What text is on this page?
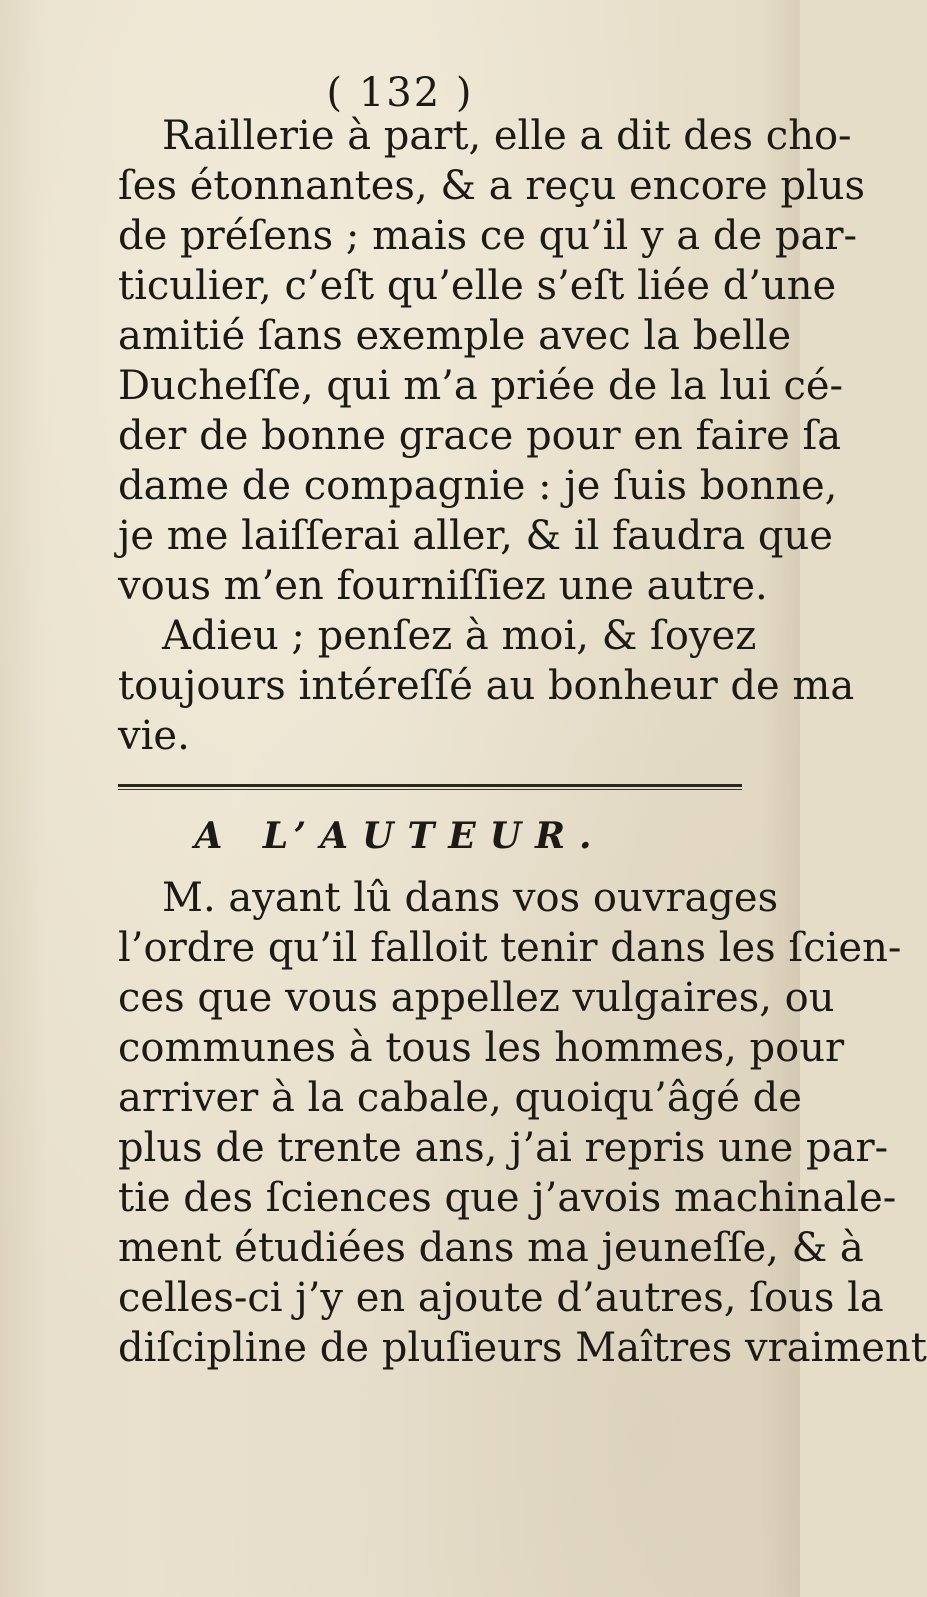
( 132 )
Raillerie à part, elle a dit des cho-
ſes étonnantes, & a reçu encore plus
de préſens ; mais ce qu’il y a de par-
ticulier, c’eſt qu’elle s’eſt liée d’une
amitié ſans exemple avec la belle
Ducheſſe, qui m’a priée de la lui cé-
der de bonne grace pour en faire ſa
dame de compagnie : je ſuis bonne,
je me laiſſerai aller, & il faudra que
vous m’en fourniſſiez une autre.
Adieu ; penſez à moi, & ſoyez
toujours intéreſſé au bonheur de ma
vie.
A L’AUTEUR.
M. ayant lû dans vos ouvrages
l’ordre qu’il falloit tenir dans les ſcien-
ces que vous appellez vulgaires, ou
communes à tous les hommes, pour
arriver à la cabale, quoiqu’âgé de
plus de trente ans, j’ai repris une par-
tie des ſciences que j’avois machinale-
ment étudiées dans ma jeuneſſe, & à
celles-ci j’y en ajoute d’autres, ſous la
diſcipline de pluſieurs Maîtres vraiment
